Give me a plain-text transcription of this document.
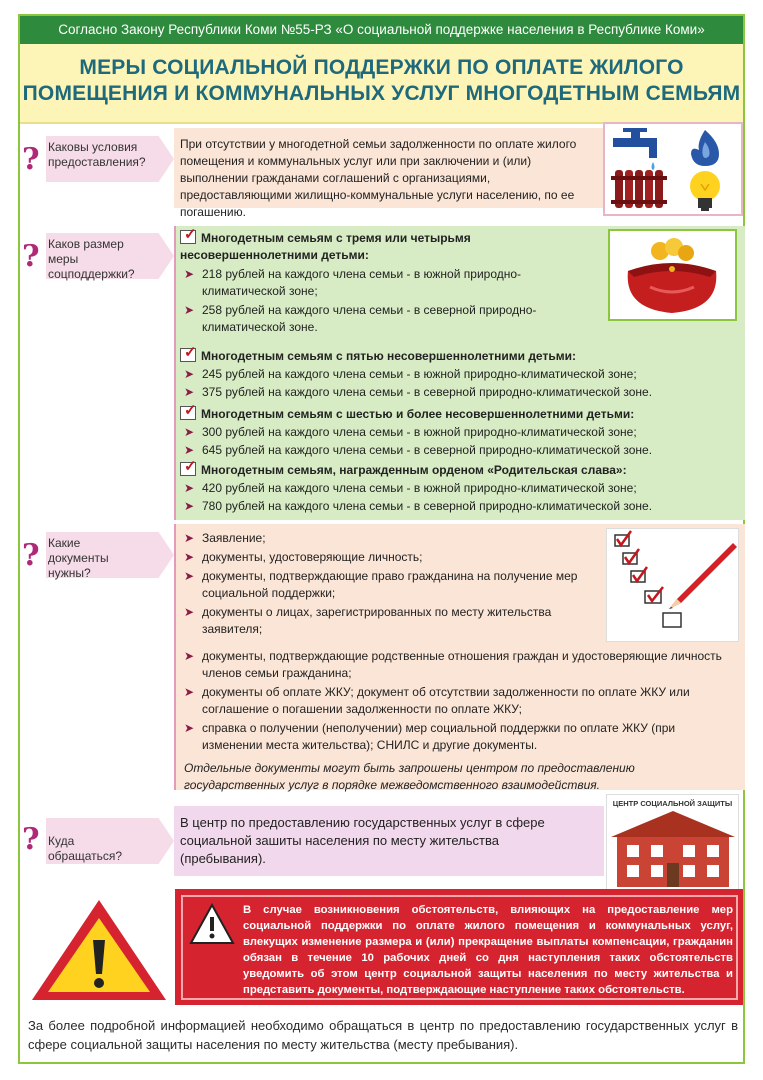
Согласно Закону Республики Коми №55-РЗ «О социальной поддержке населения в Республике Коми»
МЕРЫ СОЦИАЛЬНОЙ ПОДДЕРЖКИ ПО ОПЛАТЕ ЖИЛОГО
ПОМЕЩЕНИЯ И КОММУНАЛЬНЫХ УСЛУГ МНОГОДЕТНЫМ СЕМЬЯМ
? Каковы условия предоставления?
При отсутствии у многодетной семьи задолженности по оплате жилого помещения и коммунальных услуг или при заключении и (или) выполнении гражданами соглашений с организациями, предоставляющими жилищно-коммунальные услуги населению, по ее погашению.
? Каков размер меры соцподдержки?
✓ Многодетным семьям с тремя или четырьмя несовершеннолетними детьми:
➤ 218 рублей на каждого члена семьи - в южной природно-климатической зоне;
➤ 258 рублей на каждого члена семьи - в северной природно-климатической зоне.
✓ Многодетным семьям с пятью несовершеннолетними детьми:
➤ 245 рублей на каждого члена семьи - в южной природно-климатической зоне;
➤ 375 рублей на каждого члена семьи - в северной природно-климатической зоне.
✓ Многодетным семьям с шестью и более несовершеннолетними детьми:
➤ 300 рублей на каждого члена семьи - в южной природно-климатической зоне;
➤ 645 рублей на каждого члена семьи - в северной природно-климатической зоне.
✓ Многодетным семьям, награжденным орденом «Родительская слава»:
➤ 420 рублей на каждого члена семьи - в южной природно-климатической зоне;
➤ 780 рублей на каждого члена семьи - в северной природно-климатической зоне.
? Какие документы нужны?
➤ Заявление;
➤ документы, удостоверяющие личность;
➤ документы, подтверждающие право гражданина на получение мер социальной поддержки;
➤ документы о лицах, зарегистрированных по месту жительства заявителя;
➤ документы, подтверждающие родственные отношения граждан и удостоверяющие личность членов семьи гражданина;
➤ документы об оплате ЖКУ; документ об отсутствии задолженности по оплате ЖКУ или соглашение о погашении задолженности по оплате ЖКУ;
➤ справка о получении (неполучении) мер социальной поддержки по оплате ЖКУ (при изменении места жительства); СНИЛС и другие документы.
Отдельные документы могут быть запрошены центром по предоставлению государственных услуг в порядке межведомственного взаимодействия.
? Куда обращаться?
В центр по предоставлению государственных услуг в сфере социальной зашиты населения по месту жительства (пребывания).
ЦЕНТР СОЦИАЛЬНОЙ ЗАЩИТЫ
В случае возникновения обстоятельств, влияющих на предоставление мер социальной поддержки по оплате жилого помещения и коммунальных услуг, влекущих изменение размера и (или) прекращение выплаты компенсации, гражданин обязан в течение 10 рабочих дней со дня наступления таких обстоятельств уведомить об этом центр социальной защиты населения по месту жительства и представить документы, подтверждающие наступление таких обстоятельств.
За более подробной информацией необходимо обращаться в центр по предоставлению государственных услуг в сфере социальной защиты населения по месту жительства (месту пребывания).
